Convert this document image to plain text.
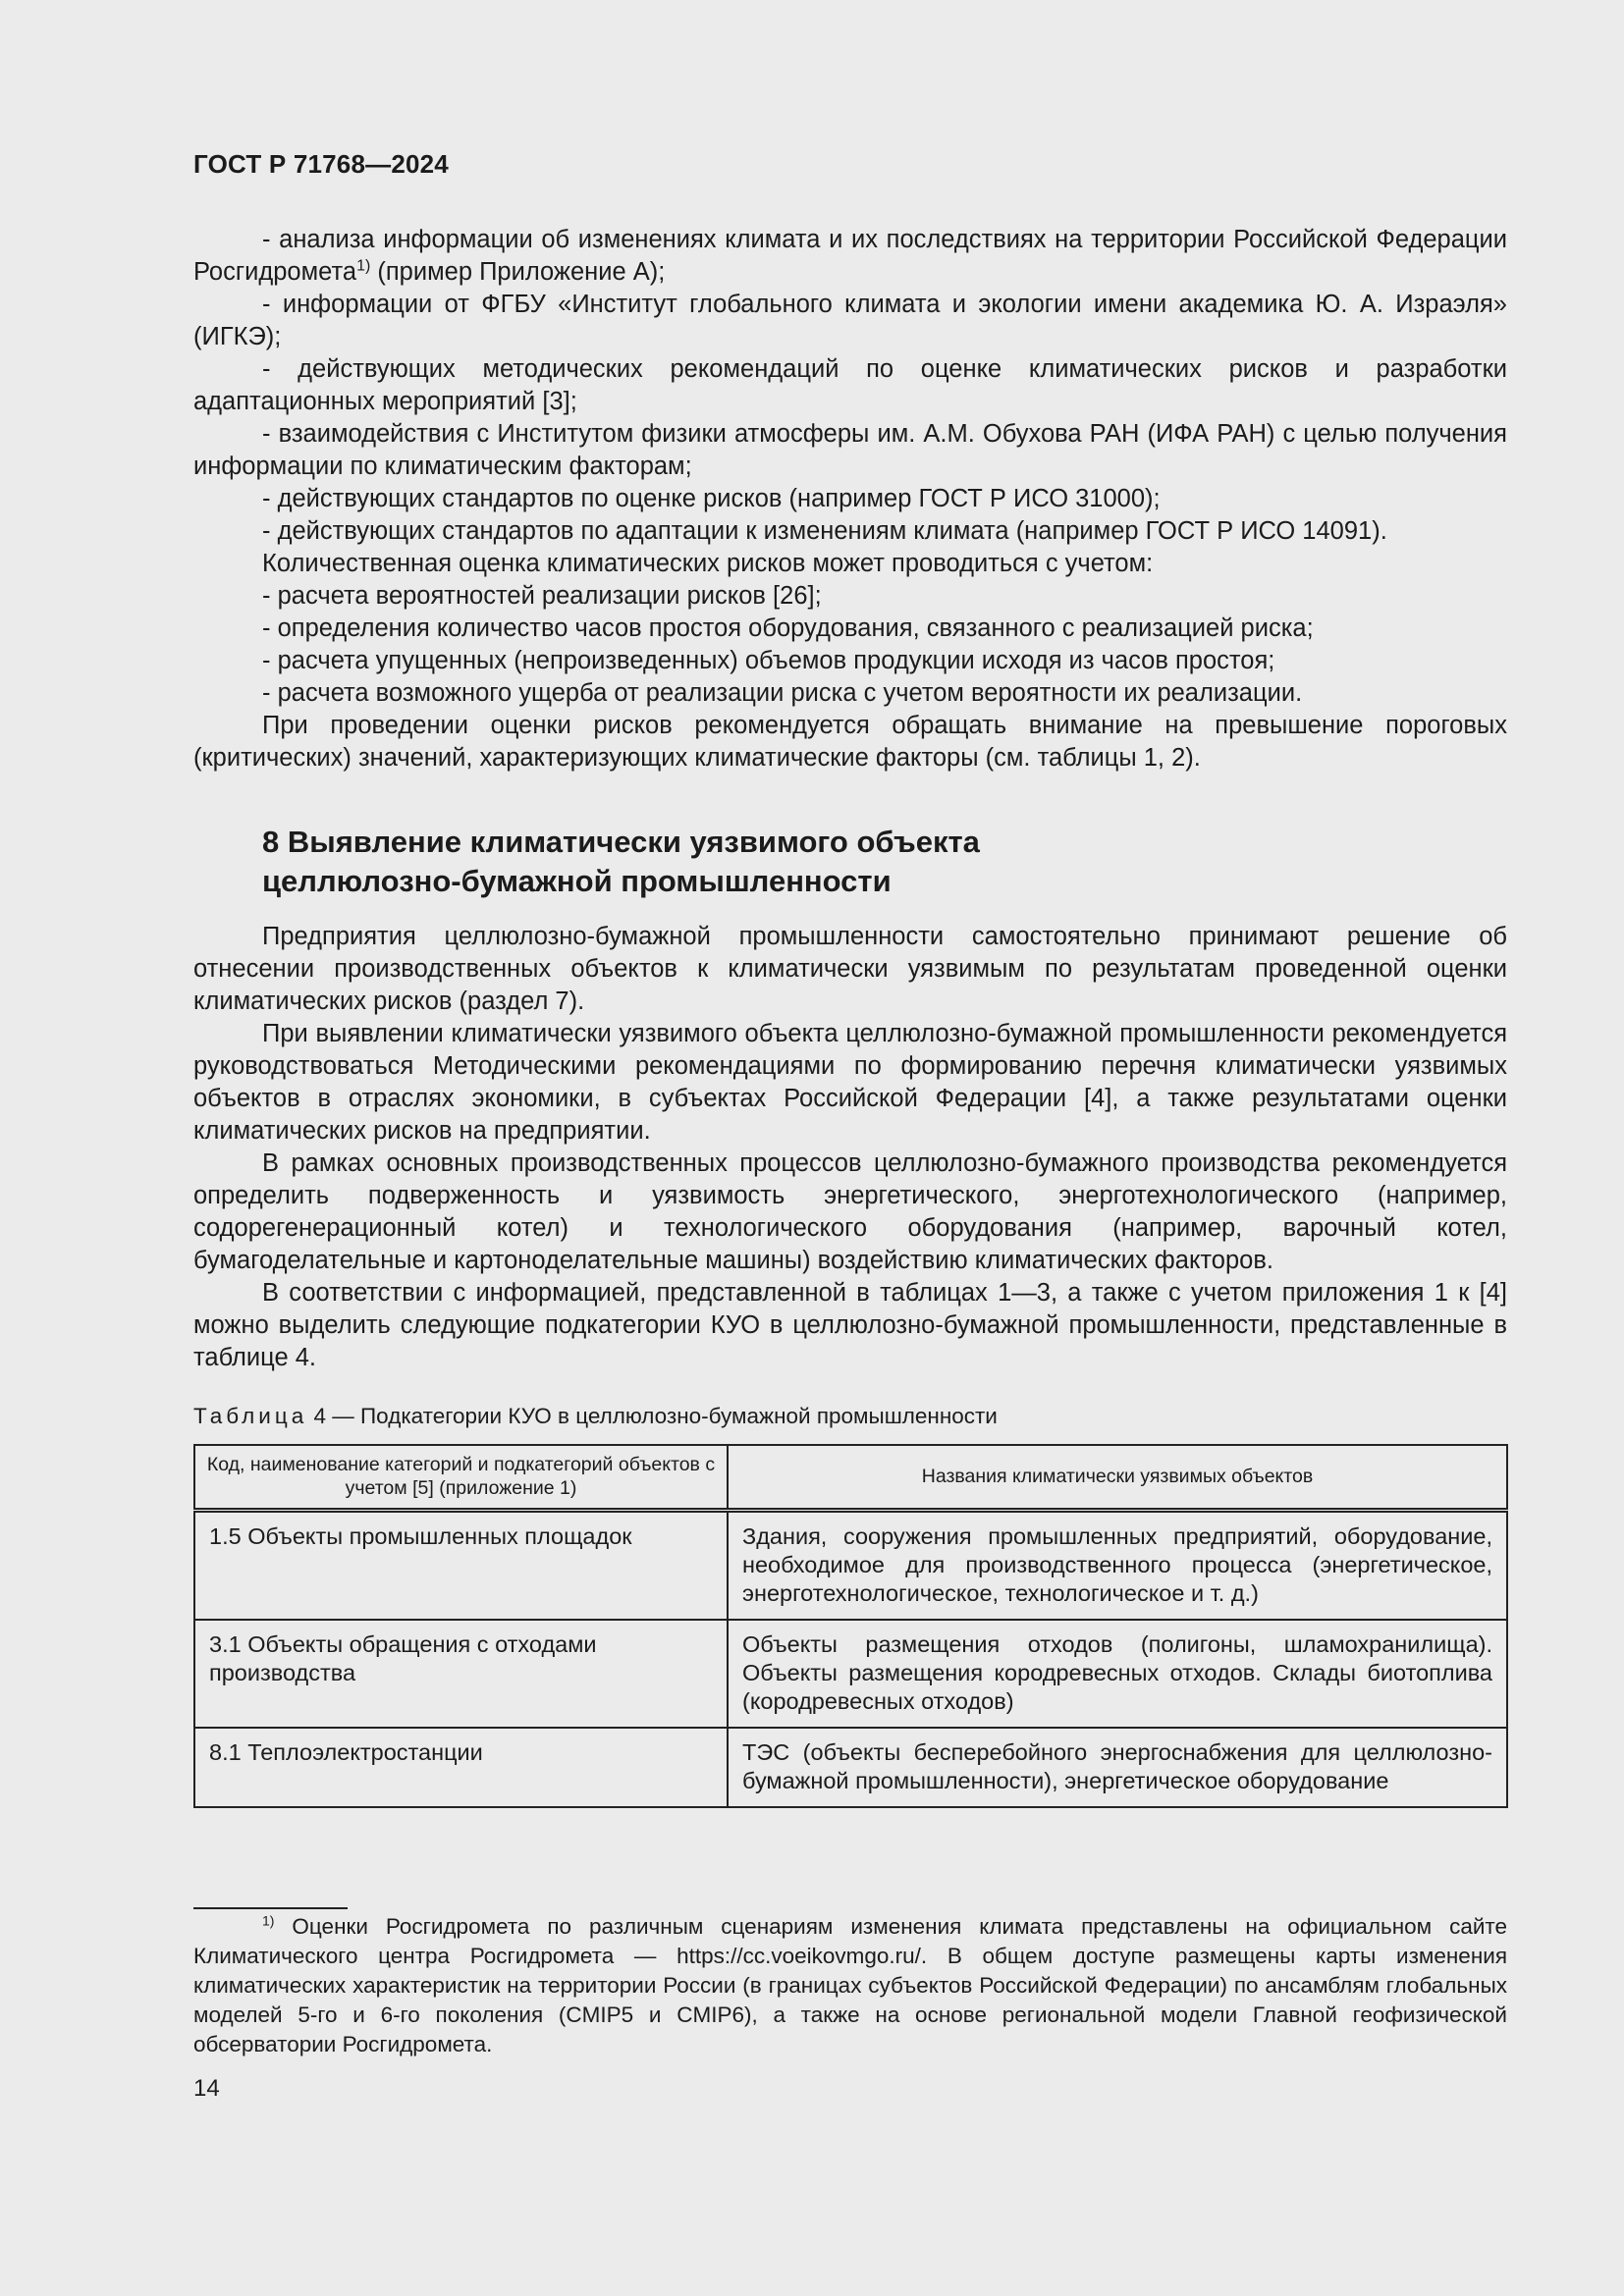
ГОСТ Р 71768—2024

- анализа информации об изменениях климата и их последствиях на территории Российской Федерации Росгидромета$^{1)}$ (пример Приложение А);

- информации от ФГБУ «Институт глобального климата и экологии имени академика Ю. А. Израэля» (ИГКЭ);

- действующих методических рекомендаций по оценке климатических рисков и разработки адаптационных мероприятий [3];

- взаимодействия с Институтом физики атмосферы им. А.М. Обухова РАН (ИФА РАН) с целью получения информации по климатическим факторам;

- действующих стандартов по оценке рисков (например ГОСТ Р ИСО 31000);

- действующих стандартов по адаптации к изменениям климата (например ГОСТ Р ИСО 14091).

Количественная оценка климатических рисков может проводиться с учетом:

- расчета вероятностей реализации рисков [26];

- определения количество часов простоя оборудования, связанного с реализацией риска;

- расчета упущенных (непроизведенных) объемов продукции исходя из часов простоя;

- расчета возможного ущерба от реализации риска с учетом вероятности их реализации.

При проведении оценки рисков рекомендуется обращать внимание на превышение пороговых (критических) значений, характеризующих климатические факторы (см. таблицы 1, 2).

8 Выявление климатически уязвимого объекта
целлюлозно-бумажной промышленности

Предприятия целлюлозно-бумажной промышленности самостоятельно принимают решение об отнесении производственных объектов к климатически уязвимым по результатам проведенной оценки климатических рисков (раздел 7).

При выявлении климатически уязвимого объекта целлюлозно-бумажной промышленности рекомендуется руководствоваться Методическими рекомендациями по формированию перечня климатически уязвимых объектов в отраслях экономики, в субъектах Российской Федерации [4], а также результатами оценки климатических рисков на предприятии.

В рамках основных производственных процессов целлюлозно-бумажного производства рекомендуется определить подверженность и уязвимость энергетического, энерготехнологического (например, содорегенерационный котел) и технологического оборудования (например, варочный котел, бумагоделательные и картоноделательные машины) воздействию климатических факторов.

В соответствии с информацией, представленной в таблицах 1—3, а также с учетом приложения 1 к [4] можно выделить следующие подкатегории КУО в целлюлозно-бумажной промышленности, представленные в таблице 4.

Таблица 4 — Подкатегории КУО в целлюлозно-бумажной промышленности
Код, наименование категорий и подкатегорий объектов с учетом [5] (приложение 1)	Названия климатически уязвимых объектов
1.5 Объекты промышленных площадок	Здания, сооружения промышленных предприятий, оборудование, необходимое для производственного процесса (энергетическое, энерготехнологическое, технологическое и т. д.)
3.1 Объекты обращения с отходами производства	Объекты размещения отходов (полигоны, шламохранилища). Объекты размещения кородревесных отходов. Склады биотоплива (кородревесных отходов)
8.1 Теплоэлектростанции	ТЭС (объекты бесперебойного энергоснабжения для целлюлозно-бумажной промышленности), энергетическое оборудование

$^{1)}$ Оценки Росгидромета по различным сценариям изменения климата представлены на официальном сайте Климатического центра Росгидромета — https://cc.voeikovmgo.ru/. В общем доступе размещены карты изменения климатических характеристик на территории России (в границах субъектов Российской Федерации) по ансамблям глобальных моделей 5-го и 6-го поколения (CMIP5 и CMIP6), а также на основе региональной модели Главной геофизической обсерватории Росгидромета.

14
